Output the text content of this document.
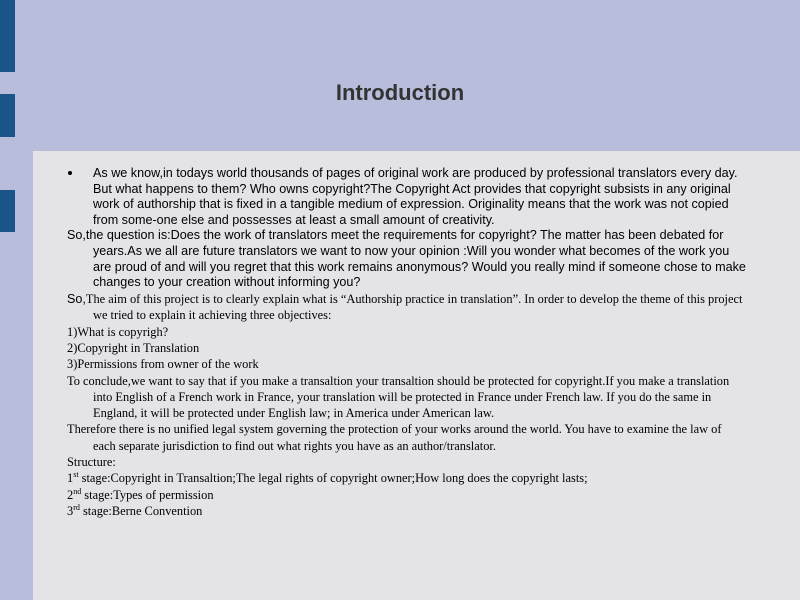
Introduction
As we know,in todays world thousands of pages of original work are produced by professional translators every day. But what happens to them? Who owns copyright?The Copyright Act provides that copyright subsists in any original work of authorship that is fixed in a tangible medium of expression. Originality means that the work was not copied from some-one else and possesses at least a small amount of creativity.

So,the question is:Does the work of translators meet the requirements for copyright? The matter has been debated for years.As we all are future translators we want to now your opinion :Will you wonder what becomes of the work you are proud of and will you regret that this work remains anonymous? Would you really mind if someone chose to make changes to your creation without informing you?

So,The aim of this project is to clearly explain what is “Authorship practice in translation”. In order to develop the theme of this project we tried to explain it achieving three objectives:

1)What is copyrigh?

2)Copyright in Translation

3)Permissions from owner of the work

To conclude,we want to say that if you make a transaltion your transaltion should be protected for copyright.If you make a translation into English of a French work in France, your translation will be protected in France under French law. If you do the same in England, it will be protected under English law; in America under American law.

Therefore there is no unified legal system governing the protection of your works around the world. You have to examine the law of each separate jurisdiction to find out what rights you have as an author/translator.

Structure:

1st stage:Copyright in Transaltion;The legal rights of copyright owner;How long does the copyright lasts;

2nd stage:Types of permission

3rd stage:Berne Convention
